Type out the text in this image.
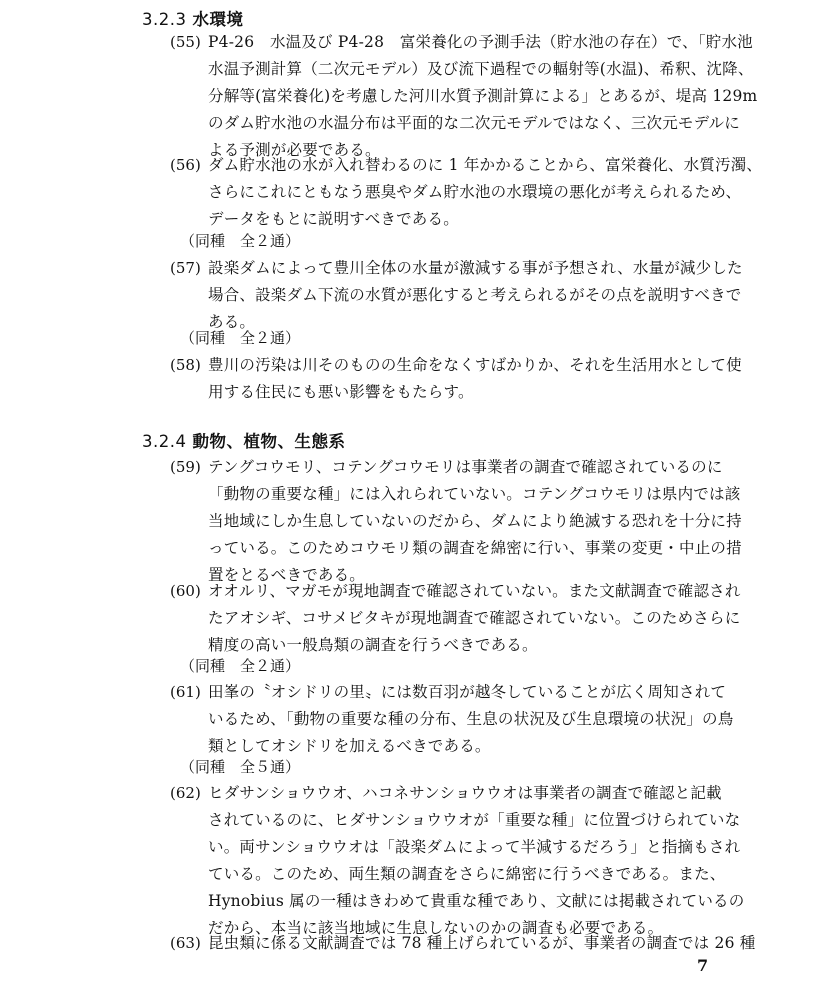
3.2.3 水環境
(55) P4-26　水温及び P4-28　富栄養化の予測手法（貯水池の存在）で、「貯水池
水温予測計算（二次元モデル）及び流下過程での輻射等(水温)、希釈、沈降、
分解等(富栄養化)を考慮した河川水質予測計算による」とあるが、堤高 129m
のダム貯水池の水温分布は平面的な二次元モデルではなく、三次元モデルに
よる予測が必要である。
(56) ダム貯水池の水が入れ替わるのに 1 年かかることから、富栄養化、水質汚濁、
さらにこれにともなう悪臭やダム貯水池の水環境の悪化が考えられるため、
データをもとに説明すべきである。
（同種　全２通）
(57) 設楽ダムによって豊川全体の水量が激減する事が予想され、水量が減少した
場合、設楽ダム下流の水質が悪化すると考えられるがその点を説明すべきで
ある。
（同種　全２通）
(58) 豊川の汚染は川そのものの生命をなくすばかりか、それを生活用水として使
用する住民にも悪い影響をもたらす。
3.2.4 動物、植物、生態系
(59) テングコウモリ、コテングコウモリは事業者の調査で確認されているのに
「動物の重要な種」には入れられていない。コテングコウモリは県内では該
当地域にしか生息していないのだから、ダムにより絶滅する恐れを十分に持
っている。このためコウモリ類の調査を綿密に行い、事業の変更・中止の措
置をとるべきである。
(60) オオルリ、マガモが現地調査で確認されていない。また文献調査で確認され
たアオシギ、コサメビタキが現地調査で確認されていない。このためさらに
精度の高い一般鳥類の調査を行うべきである。
（同種　全２通）
(61) 田峯の〝オシドリの里〟には数百羽が越冬していることが広く周知されて
いるため、「動物の重要な種の分布、生息の状況及び生息環境の状況」の鳥
類としてオシドリを加えるべきである。
（同種　全５通）
(62) ヒダサンショウウオ、ハコネサンショウウオは事業者の調査で確認と記載
されているのに、ヒダサンショウウオが「重要な種」に位置づけられていな
い。両サンショウウオは「設楽ダムによって半減するだろう」と指摘もされ
ている。このため、両生類の調査をさらに綿密に行うべきである。また、
Hynobius 属の一種はきわめて貴重な種であり、文献には掲載されているの
だから、本当に該当地域に生息しないのかの調査も必要である。
(63) 昆虫類に係る文献調査では 78 種上げられているが、事業者の調査では 26 種
7
